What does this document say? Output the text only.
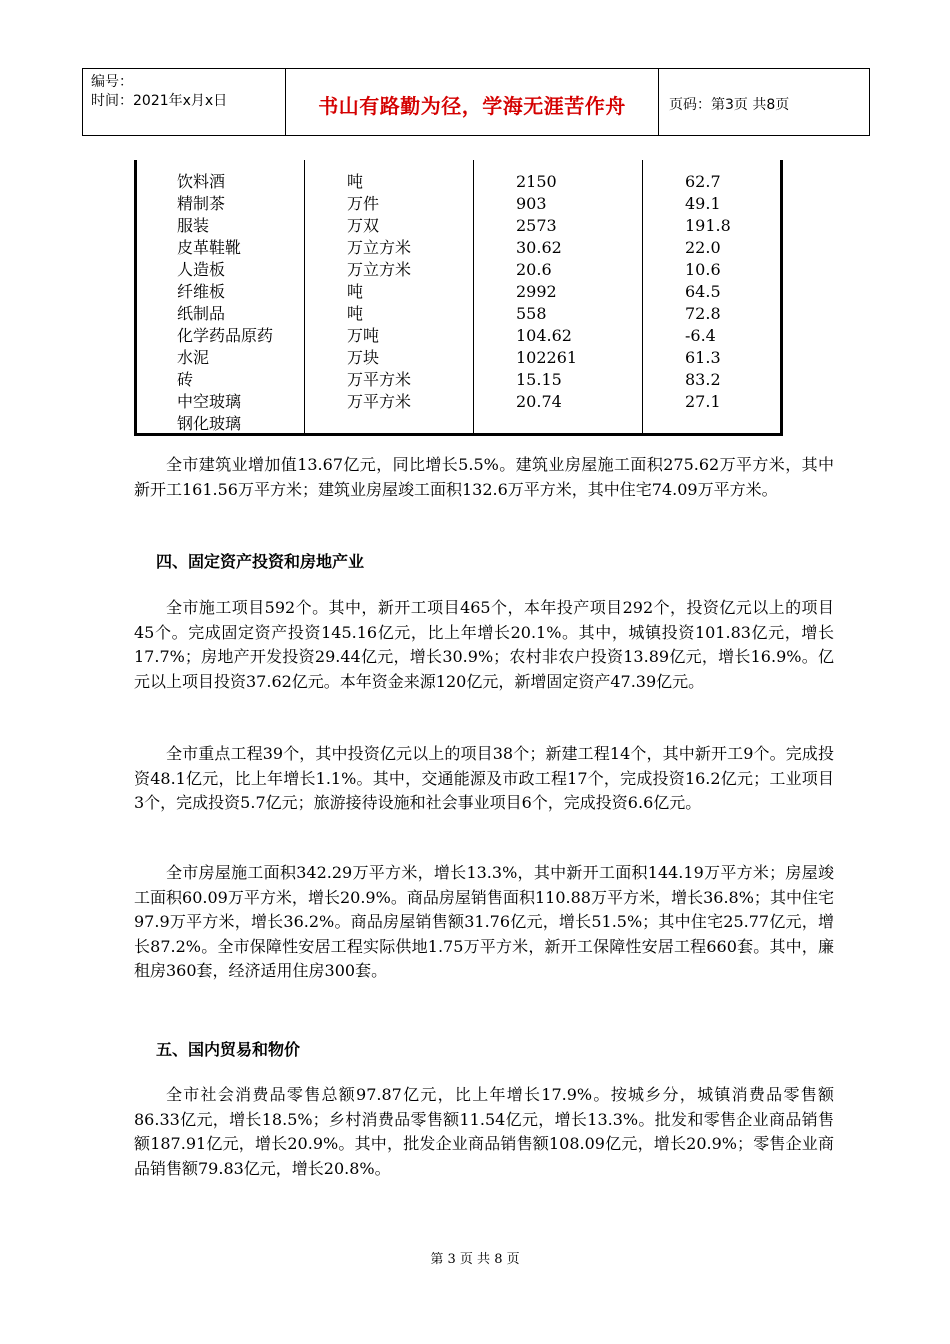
编号：
时间：2021年x月x日	书山有路勤为径，学海无涯苦作舟	页码：第3页 共8页
饮料酒	吨	2150	62.7
精制茶	万件	903	49.1
服装	万双	2573	191.8
皮革鞋靴	万立方米	30.62	22.0
人造板	万立方米	20.6	10.6
纤维板	吨	2992	64.5
纸制品	吨	558	72.8
化学药品原药	万吨	104.62	-6.4
水泥	万块	102261	61.3
砖	万平方米	15.15	83.2
中空玻璃	万平方米	20.74	27.1
钢化玻璃

全市建筑业增加值13.67亿元，同比增长5.5%。建筑业房屋施工面积275.62万平方米，其中新开工161.56万平方米；建筑业房屋竣工面积132.6万平方米，其中住宅74.09万平方米。

四、固定资产投资和房地产业

全市施工项目592个。其中，新开工项目465个，本年投产项目292个，投资亿元以上的项目45个。完成固定资产投资145.16亿元，比上年增长20.1%。其中，城镇投资101.83亿元，增长17.7%；房地产开发投资29.44亿元，增长30.9%；农村非农户投资13.89亿元，增长16.9%。亿元以上项目投资37.62亿元。本年资金来源120亿元，新增固定资产47.39亿元。

全市重点工程39个，其中投资亿元以上的项目38个；新建工程14个，其中新开工9个。完成投资48.1亿元，比上年增长1.1%。其中，交通能源及市政工程17个，完成投资16.2亿元；工业项目3个，完成投资5.7亿元；旅游接待设施和社会事业项目6个，完成投资6.6亿元。

全市房屋施工面积342.29万平方米，增长13.3%，其中新开工面积144.19万平方米；房屋竣工面积60.09万平方米，增长20.9%。商品房屋销售面积110.88万平方米，增长36.8%；其中住宅97.9万平方米，增长36.2%。商品房屋销售额31.76亿元，增长51.5%；其中住宅25.77亿元，增长87.2%。全市保障性安居工程实际供地1.75万平方米，新开工保障性安居工程660套。其中，廉租房360套，经济适用住房300套。

五、国内贸易和物价

全市社会消费品零售总额97.87亿元，比上年增长17.9%。按城乡分，城镇消费品零售额86.33亿元，增长18.5%；乡村消费品零售额11.54亿元，增长13.3%。批发和零售企业商品销售额187.91亿元，增长20.9%。其中，批发企业商品销售额108.09亿元，增长20.9%；零售企业商品销售额79.83亿元，增长20.8%。

第 3 页 共 8 页
